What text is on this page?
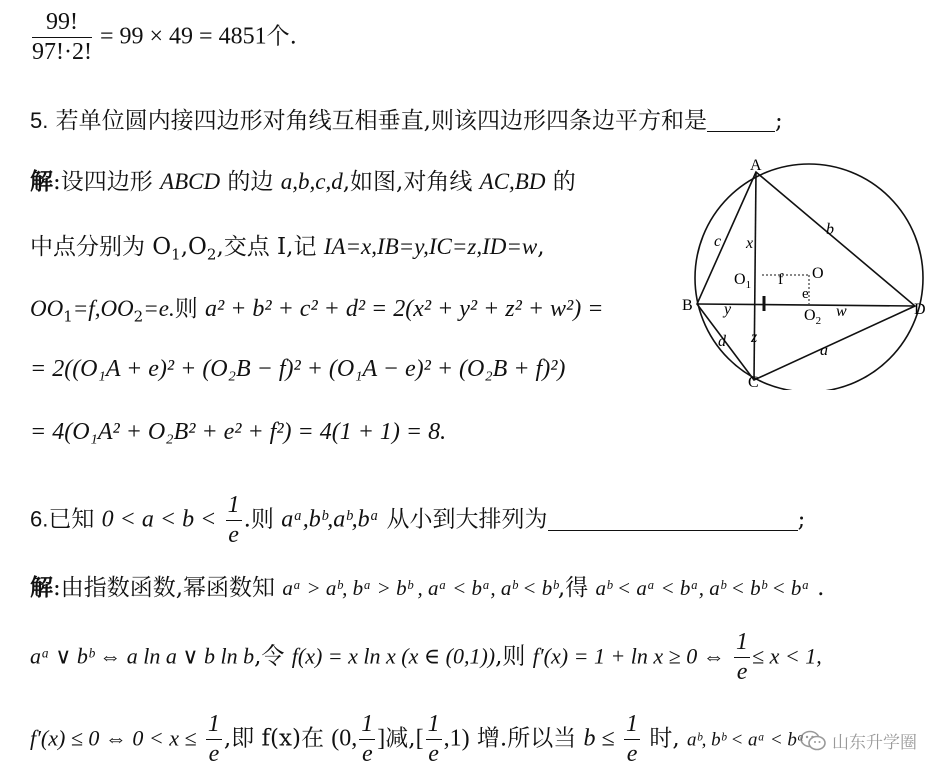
$\frac{99!}{97!\cdot 2!} = 99 \times 49 = 4851$个.
5. 若单位圆内接四边形对角线互相垂直,则该四边形四条边平方和是	;
解:设四边形 ABCD 的边 a,b,c,d,如图,对角线 AC,BD 的
中点分别为 $O_1,O_2$,交点 I,记 IA=x,IB=y,IC=z,ID=w,
$OO_1=f,OO_2=e$.则 a² + b² + c² + d² = 2(x² + y² + z² + w²) =
= 2((O₁A + e)² + (O₂B − f)² + (O₁A − e)² + (O₂B + f)²)
= 4(O₁A² + O₂B² + e² + f²) = 4(1 + 1) = 8.
A
B
C
D
a
b
c
d
x
y
z
w
$O_1$
O
f
e
$O_2$
6.已知 $0 < a < b < \frac{1}{e}$ .则 aᵃ,bᵇ,aᵇ,bᵃ 从小到大排列为	;
解:由指数函数,幂函数知 aᵃ > aᵇ, bᵃ > bᵇ , aᵃ < bᵃ, aᵇ < bᵇ,得 aᵇ < aᵃ < bᵃ, aᵇ < bᵇ < bᵃ .
aᵃ ∨ bᵇ ⇔ a ln a ∨ b ln b,令 f(x) = x ln x (x ∈ (0,1)),则 f′(x) = 1 + ln x ≥ 0 ⇔ $\frac{1}{e} \le x < 1$,
f′(x) ≤ 0 ⇔ $0 < x \le \frac{1}{e}$ ,即 f(x)在 (0, $\frac{1}{e}$ ]减,[ $\frac{1}{e} ,1$) 增.所以当 $b \le \frac{1}{e}$ 时, aᵇ, bᵇ < aᵃ < bᵃ 山东升学圈
